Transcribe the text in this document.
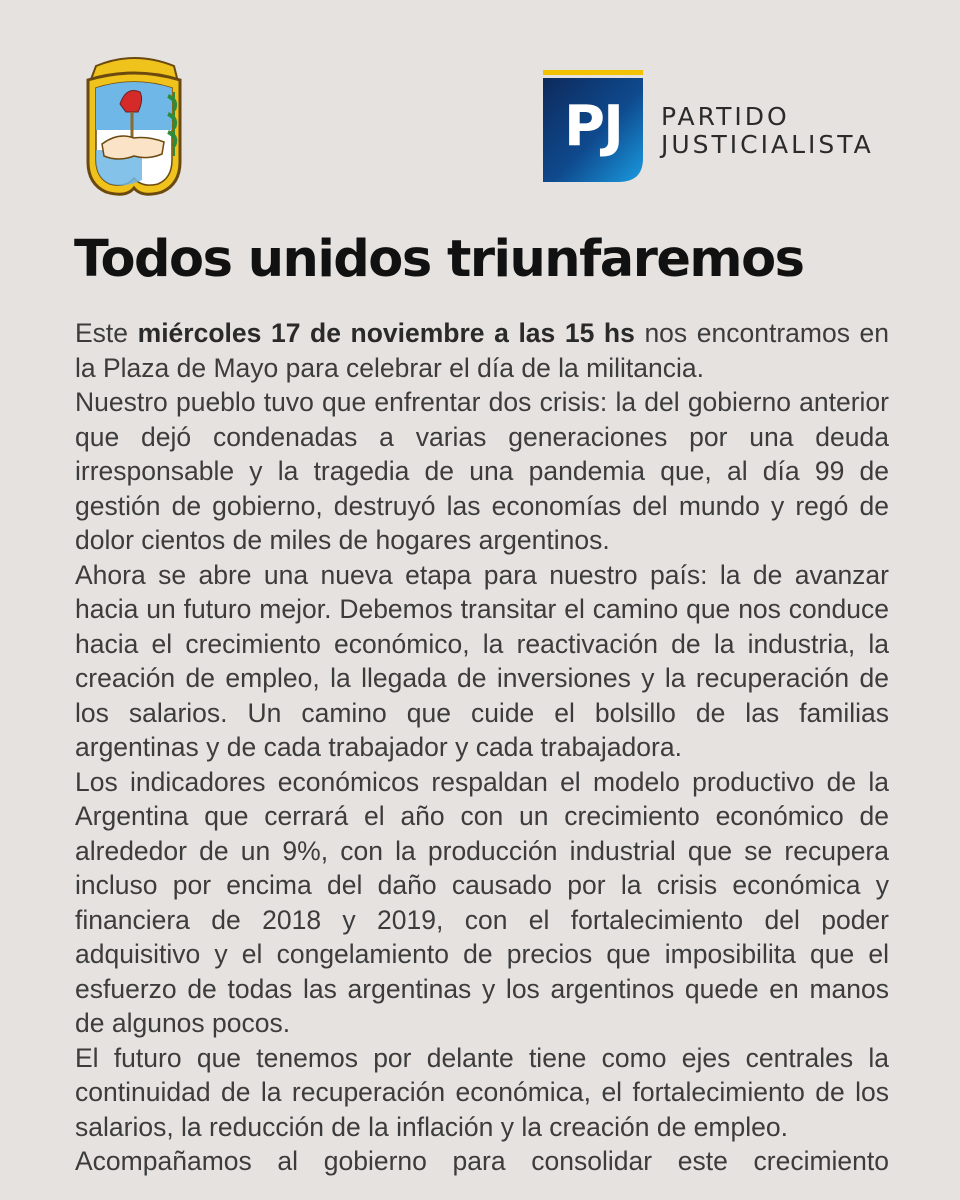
PJ	PARTIDO
JUSTICIALISTA
Todos unidos triunfaremos

Este miércoles 17 de noviembre a las 15 hs nos encontramos en la Plaza de Mayo para celebrar el día de la militancia.

Nuestro pueblo tuvo que enfrentar dos crisis: la del gobierno anterior que dejó condenadas a varias generaciones por una deuda irresponsable y la tragedia de una pandemia que, al día 99 de gestión de gobierno, destruyó las economías del mundo y regó de dolor cientos de miles de hogares argentinos.

Ahora se abre una nueva etapa para nuestro país: la de avanzar hacia un futuro mejor. Debemos transitar el camino que nos conduce hacia el crecimiento económico, la reactivación de la industria, la creación de empleo, la llegada de inversiones y la recuperación de los salarios. Un camino que cuide el bolsillo de las familias argentinas y de cada trabajador y cada trabajadora.

Los indicadores económicos respaldan el modelo productivo de la Argentina que cerrará el año con un crecimiento económico de alrededor de un 9%, con la producción industrial que se recupera incluso por encima del daño causado por la crisis económica y financiera de 2018 y 2019, con el fortalecimiento del poder adquisitivo y el congelamiento de precios que imposibilita que el esfuerzo de todas las argentinas y los argentinos quede en manos de algunos pocos.

El futuro que tenemos por delante tiene como ejes centrales la continuidad de la recuperación económica, el fortalecimiento de los salarios, la reducción de la inflación y la creación de empleo.

Acompañamos al gobierno para consolidar este crecimiento
